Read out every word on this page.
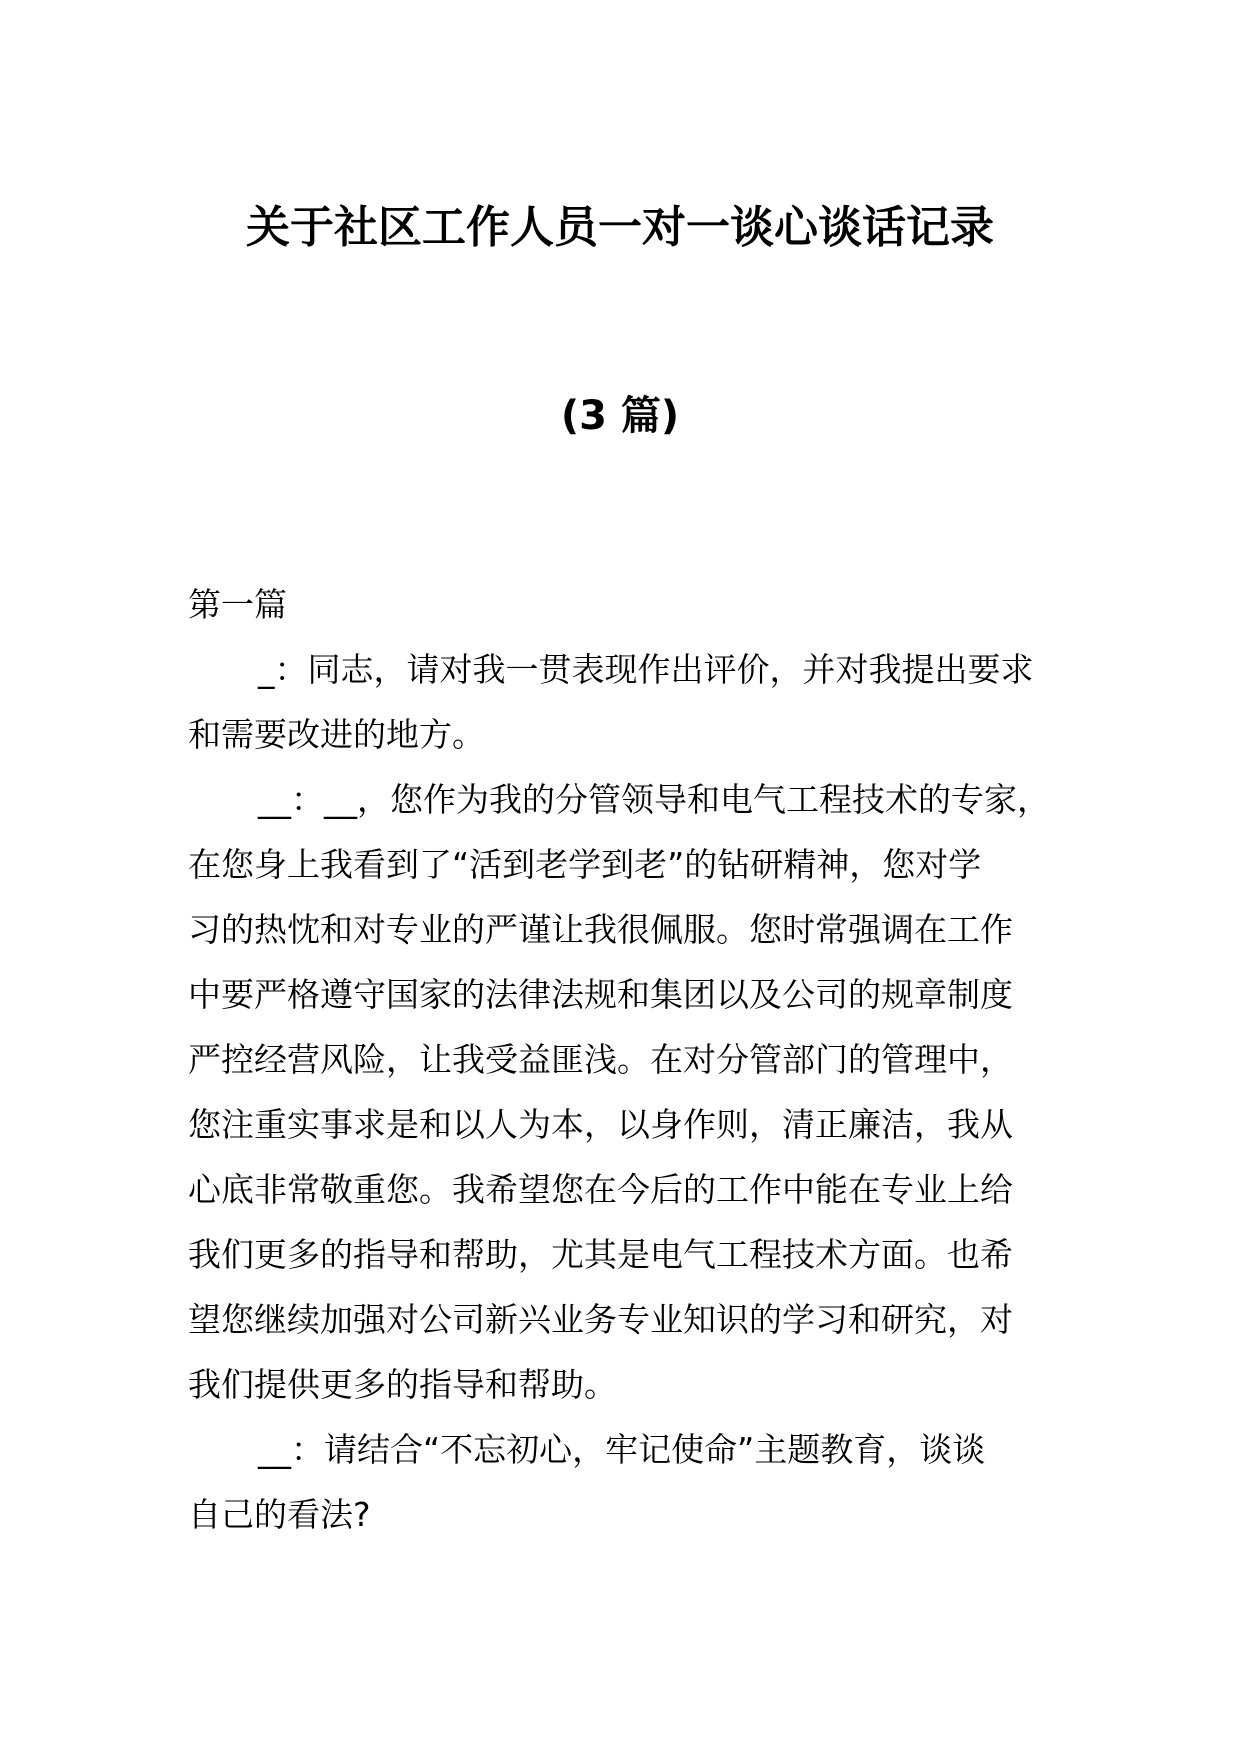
关于社区工作人员一对一谈心谈话记录
(3 篇)
第一篇
_：同志，请对我一贯表现作出评价，并对我提出要求
和需要改进的地方。
__：__，您作为我的分管领导和电气工程技术的专家，
在您身上我看到了“活到老学到老”的钻研精神，您对学
习的热忱和对专业的严谨让我很佩服。您时常强调在工作
中要严格遵守国家的法律法规和集团以及公司的规章制度
严控经营风险，让我受益匪浅。在对分管部门的管理中，
您注重实事求是和以人为本，以身作则，清正廉洁，我从
心底非常敬重您。我希望您在今后的工作中能在专业上给
我们更多的指导和帮助，尤其是电气工程技术方面。也希
望您继续加强对公司新兴业务专业知识的学习和研究，对
我们提供更多的指导和帮助。
__：请结合“不忘初心，牢记使命”主题教育，谈谈
自己的看法?
